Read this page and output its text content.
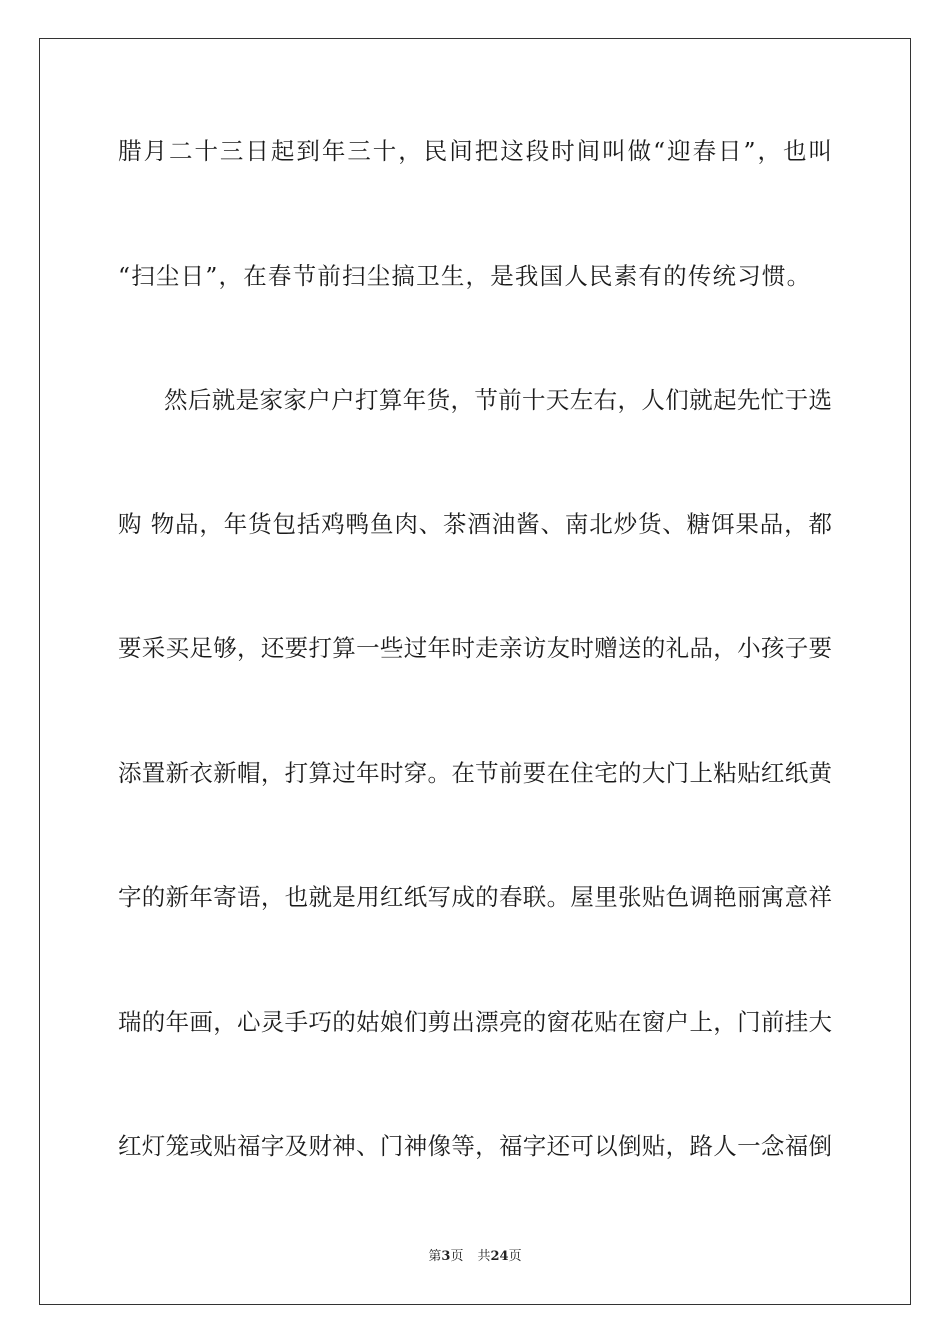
腊月二十三日起到年三十，民间把这段时间叫做“迎春日”，也叫
“扫尘日”，在春节前扫尘搞卫生，是我国人民素有的传统习惯。
然后就是家家户户打算年货，节前十天左右，人们就起先忙于选
购 物品，年货包括鸡鸭鱼肉、茶酒油酱、南北炒货、糖饵果品，都
要采买足够，还要打算一些过年时走亲访友时赠送的礼品，小孩子要
添置新衣新帽，打算过年时穿。在节前要在住宅的大门上粘贴红纸黄
字的新年寄语，也就是用红纸写成的春联。屋里张贴色调艳丽寓意祥
瑞的年画，心灵手巧的姑娘们剪出漂亮的窗花贴在窗户上，门前挂大
红灯笼或贴福字及财神、门神像等，福字还可以倒贴，路人一念福倒
第3页 共24页
